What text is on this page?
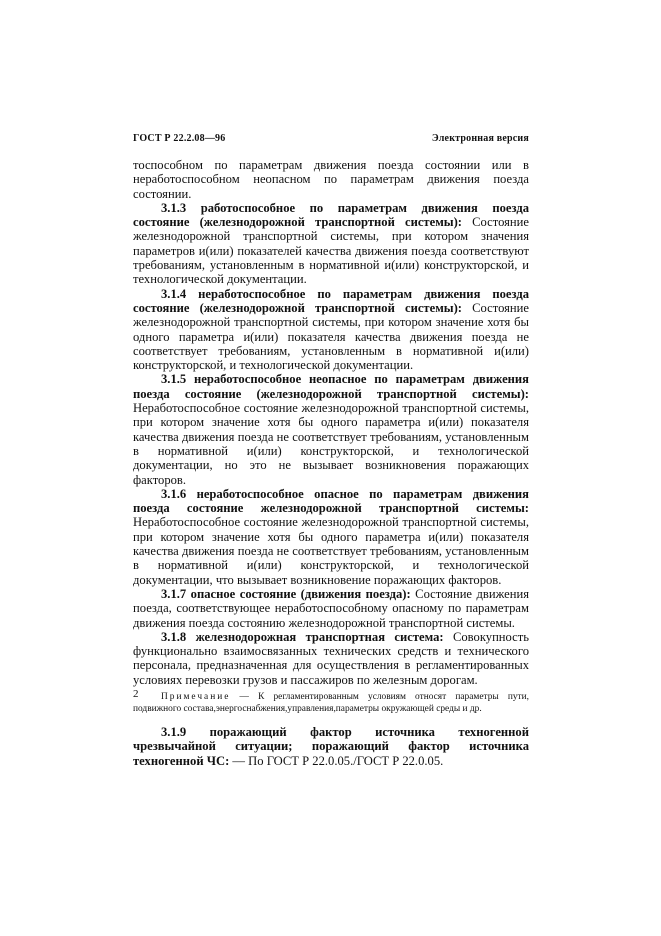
ГОСТ Р 22.2.08—96	Электронная версия

тоспособном по параметрам движения поезда состоянии или в неработоспособном неопасном по параметрам движения поезда состоянии.

3.1.3 работоспособное по параметрам движения поезда состояние (железнодорожной транспортной системы): Состояние железнодорожной транспортной системы, при котором значения параметров и(или) показателей качества движения поезда соответствуют требованиям, установленным в нормативной и(или) конструкторской, и технологической документации.

3.1.4 неработоспособное по параметрам движения поезда состояние (железнодорожной транспортной системы): Состояние железнодорожной транспортной системы, при котором значение хотя бы одного параметра и(или) показателя качества движения поезда не соответствует требованиям, установленным в нормативной и(или) конструкторской, и технологической документации.

3.1.5 неработоспособное неопасное по параметрам движения поезда состояние (железнодорожной транспортной системы): Неработоспособное состояние железнодорожной транспортной системы, при котором значение хотя бы одного параметра и(или) показателя качества движения поезда не соответствует требованиям, установленным в нормативной и(или) конструкторской, и технологической документации, но это не вызывает возникновения поражающих факторов.

3.1.6 неработоспособное опасное по параметрам движения поезда состояние железнодорожной транспортной системы: Неработоспособное состояние железнодорожной транспортной системы, при котором значение хотя бы одного параметра и(или) показателя качества движения поезда не соответствует требованиям, установленным в нормативной и(или) конструкторской, и технологической документации, что вызывает возникновение поражающих факторов.

3.1.7 опасное состояние (движения поезда): Состояние движения поезда, соответствующее неработоспособному опасному по параметрам движения поезда состоянию железнодорожной транспортной системы.

3.1.8 железнодорожная транспортная система: Совокупность функционально взаимосвязанных технических средств и технического персонала, предназначенная для осуществления в регламентированных условиях перевозки грузов и пассажиров по железным дорогам.

Примечание — К регламентированным условиям относят параметры пути, подвижного состава,энергоснабжения,управления,параметры окружающей среды и др.

3.1.9 поражающий фактор источника техногенной чрезвычайной ситуации; поражающий фактор источника техногенной ЧС: — По ГОСТ Р 22.0.05./ГОСТ Р 22.0.05.

2
